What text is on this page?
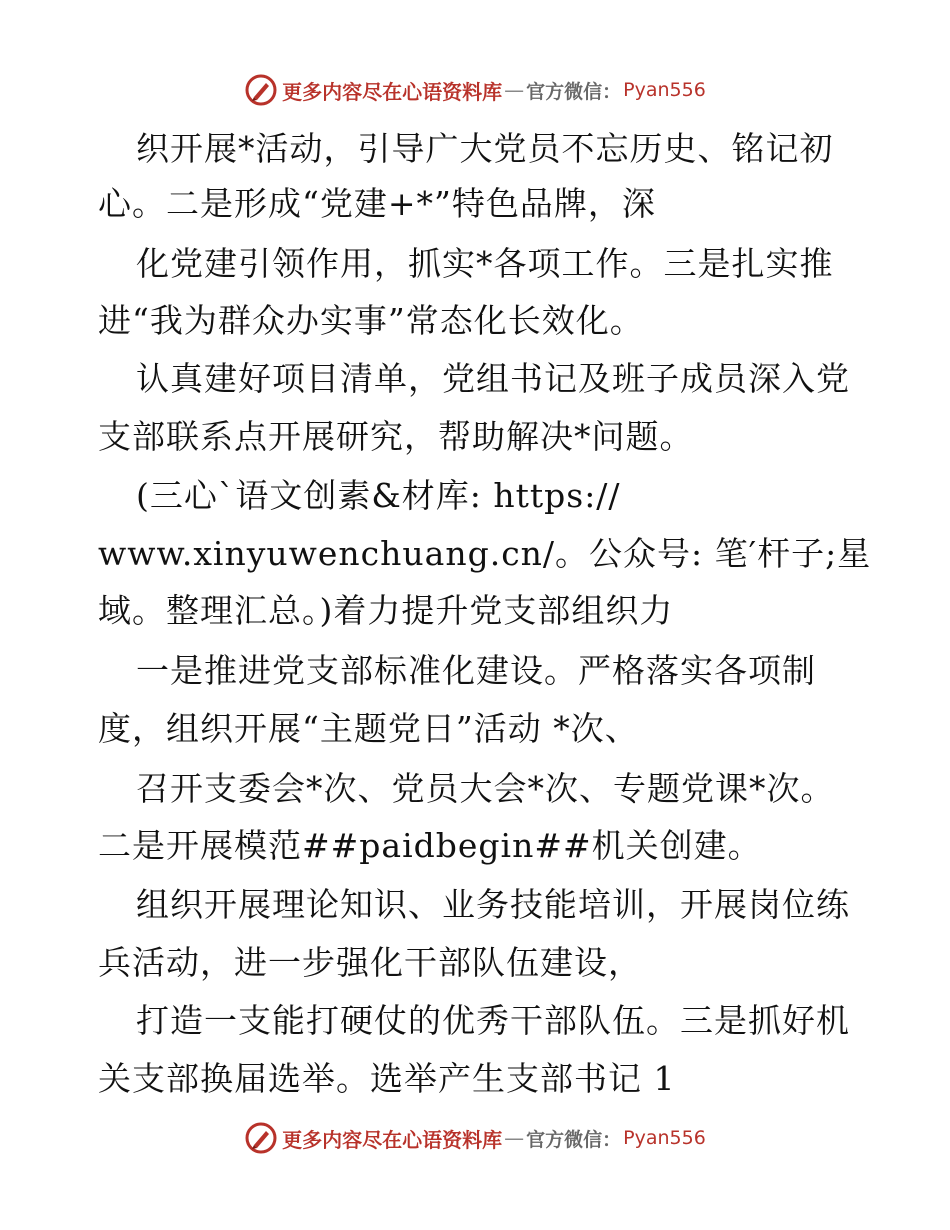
更多内容尽在心语资料库 — 官方微信： Pyan556
织开展*活动，引导广大党员不忘历史、铭记初
心。二是形成“党建+*”特色品牌，深
化党建引领作用，抓实*各项工作。三是扎实推
进“我为群众办实事”常态化长效化。
认真建好项目清单，党组书记及班子成员深入党
支部联系点开展研究，帮助解决*问题。
(三心`语文创素&材库: https://
www.xinyuwenchuang.cn/。公众号: 笔′杆子;星
域。整理汇总。)着力提升党支部组织力
一是推进党支部标准化建设。严格落实各项制
度，组织开展“主题党日”活动 *次、
召开支委会*次、党员大会*次、专题党课*次。
二是开展模范##paidbegin##机关创建。
组织开展理论知识、业务技能培训，开展岗位练
兵活动，进一步强化干部队伍建设，
打造一支能打硬仗的优秀干部队伍。三是抓好机
关支部换届选举。选举产生支部书记 1
更多内容尽在心语资料库 — 官方微信： Pyan556
